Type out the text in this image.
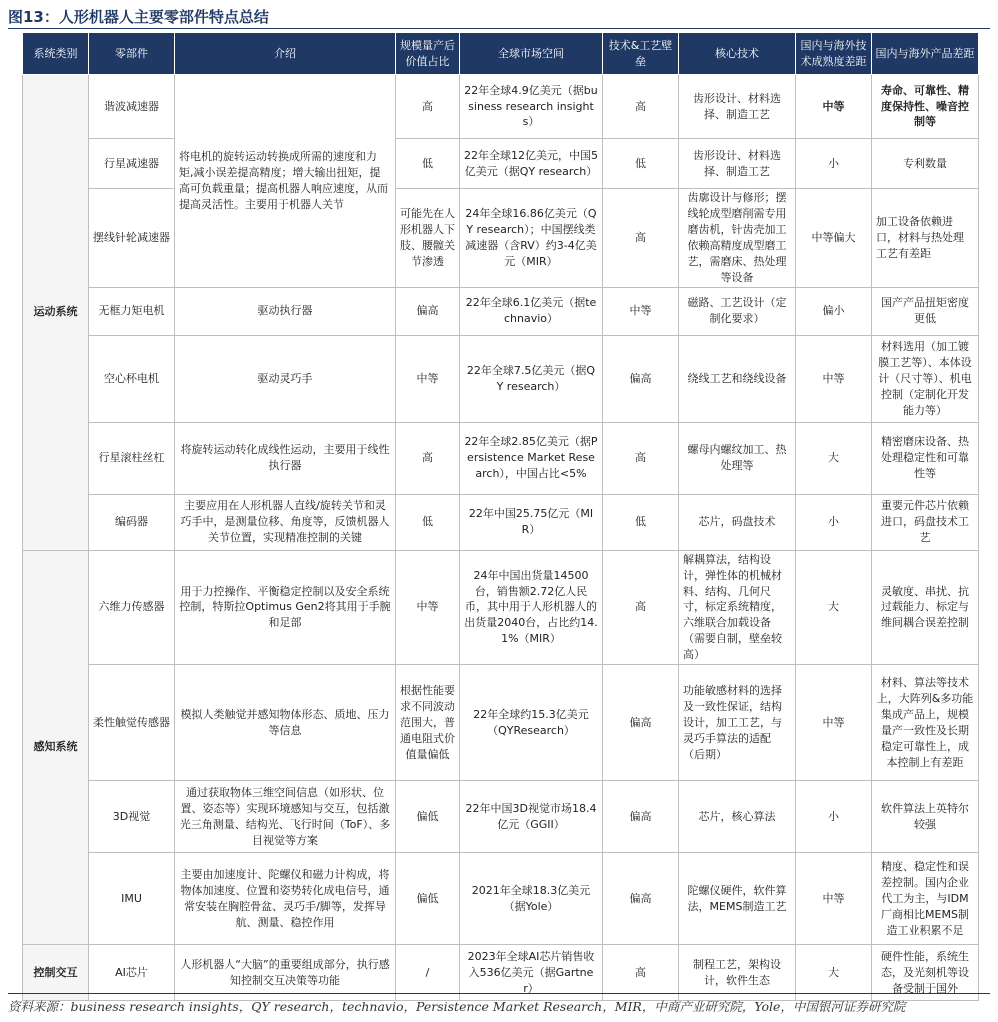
图13：人形机器人主要零部件特点总结
系统类别	零部件	介绍	规模量产后价值占比	全球市场空间	技术&工艺壁垒	核心技术	国内与海外技术成熟度差距	国内与海外产品差距
运动系统	谐波减速器	将电机的旋转运动转换成所需的速度和力矩,减小误差提高精度；增大输出扭矩，提高可负载重量；提高机器人响应速度，从而提高灵活性。主要用于机器人关节	高	22年全球4.9亿美元（据business research insights）	高	齿形设计、材料选择、制造工艺	中等	寿命、可靠性、精度保持性、噪音控制等
	行星减速器		低	22年全球12亿美元，中国5亿美元（据QY research）	低	齿形设计、材料选择、制造工艺	小	专利数量
	摆线针轮减速器		可能先在人形机器人下肢、腰髋关节渗透	24年全球16.86亿美元（QY research）；中国摆线类减速器（含RV）约3-4亿美元（MIR）	高	齿廓设计与修形；摆线轮成型磨削需专用磨齿机，针齿壳加工依赖高精度成型磨工艺，需磨床、热处理等设备	中等偏大	加工设备依赖进口，材料与热处理工艺有差距
	无框力矩电机	驱动执行器	偏高	22年全球6.1亿美元（据technavio）	中等	磁路、工艺设计（定制化要求）	偏小	国产产品扭矩密度更低
	空心杯电机	驱动灵巧手	中等	22年全球7.5亿美元（据QY research）	偏高	绕线工艺和绕线设备	中等	材料选用（加工镀膜工艺等）、本体设计（尺寸等）、机电控制（定制化开发能力等）
	行星滚柱丝杠	将旋转运动转化成线性运动，主要用于线性执行器	高	22年全球2.85亿美元（据Persistence Market Research），中国占比<5%	高	螺母内螺纹加工、热处理等	大	精密磨床设备、热处理稳定性和可靠性等
	编码器	主要应用在人形机器人直线/旋转关节和灵巧手中，是测量位移、角度等，反馈机器人关节位置，实现精准控制的关键	低	22年中国25.75亿元（MIR）	低	芯片，码盘技术	小	重要元件芯片依赖进口，码盘技术工艺
感知系统	六维力传感器	用于力控操作、平衡稳定控制以及安全系统控制，特斯拉Optimus Gen2将其用于手腕和足部	中等	24年中国出货量14500台，销售额2.72亿人民币，其中用于人形机器人的出货量2040台，占比约14.1%（MIR）	高	解耦算法，结构设计，弹性体的机械材料、结构、几何尺寸，标定系统精度，六维联合加载设备（需要自制，壁垒较高）	大	灵敏度、串扰、抗过载能力、标定与维间耦合误差控制
	柔性触觉传感器	模拟人类触觉并感知物体形态、质地、压力等信息	根据性能要求不同波动范围大，普通电阻式价值量偏低	22年全球约15.3亿美元（QYResearch）	偏高	功能敏感材料的选择及一致性保证，结构设计，加工工艺，与灵巧手算法的适配（后期）	中等	材料、算法等技术上，大阵列&多功能集成产品上，规模量产一致性及长期稳定可靠性上，成本控制上有差距
	3D视觉	通过获取物体三维空间信息（如形状、位置、姿态等）实现环境感知与交互，包括激光三角测量、结构光、飞行时间（ToF）、多目视觉等方案	偏低	22年中国3D视觉市场18.4亿元（GGII）	偏高	芯片，核心算法	小	软件算法上英特尔较强
	IMU	主要由加速度计、陀螺仪和磁力计构成，将物体加速度、位置和姿势转化成电信号，通常安装在胸腔骨盆、灵巧手/脚等，发挥导航、测量、稳控作用	偏低	2021年全球18.3亿美元（据Yole）	偏高	陀螺仪硬件，软件算法，MEMS制造工艺	中等	精度、稳定性和误差控制。国内企业代工为主，与IDM厂商相比MEMS制造工业积累不足
控制交互	AI芯片	人形机器人“大脑”的重要组成部分，执行感知控制交互决策等功能	/	2023年全球AI芯片销售收入536亿美元（据Gartner）	高	制程工艺，架构设计，软件生态	大	硬件性能，系统生态，及光刻机等设备受制于国外
资料来源：business research insights，QY research，technavio，Persistence Market Research，MIR，中商产业研究院，Yole，中国银河证券研究院
